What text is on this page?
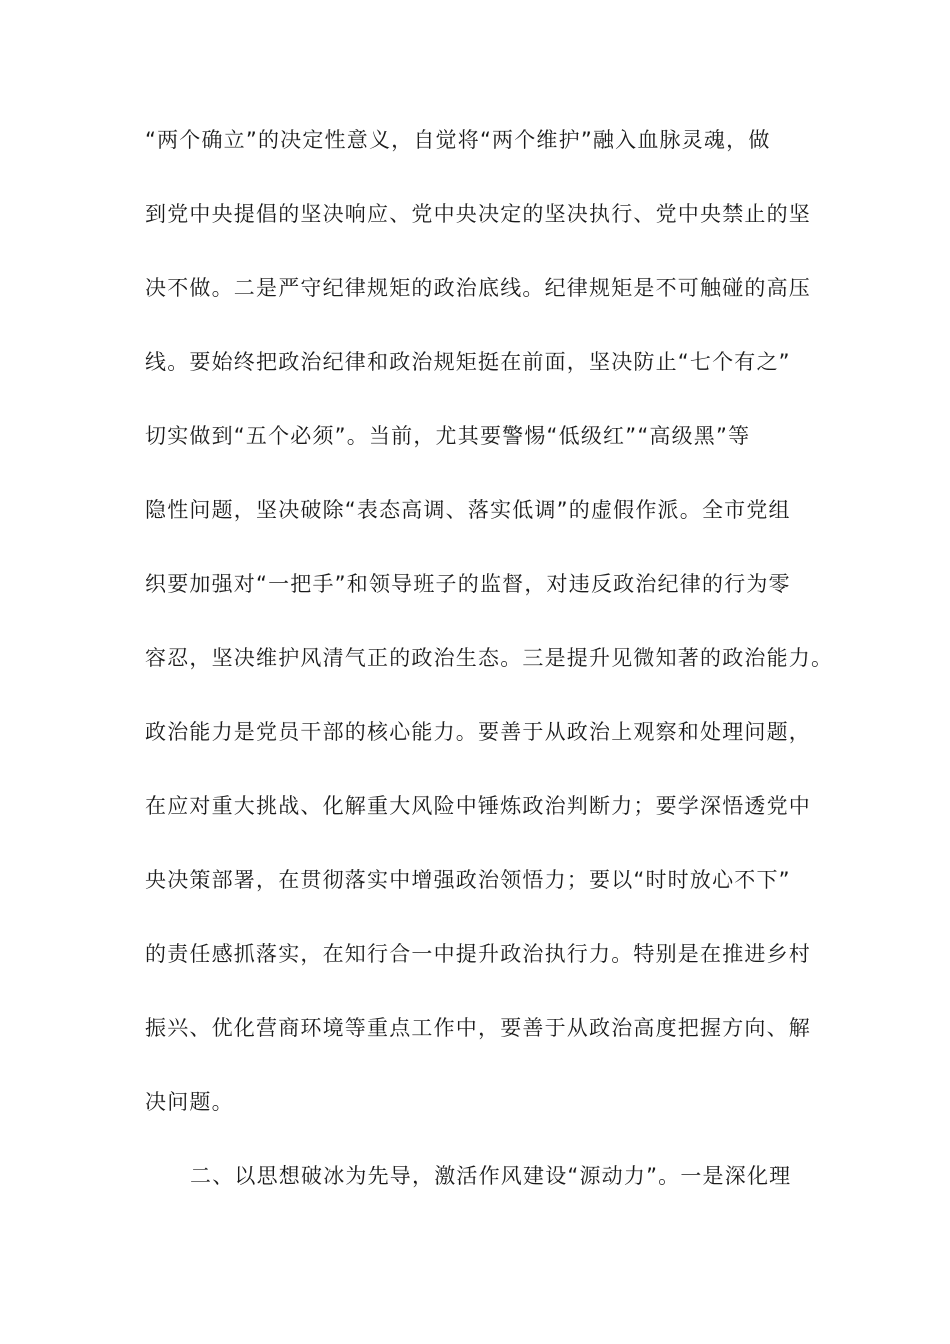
“两个确立”的决定性意义，自觉将“两个维护”融入血脉灵魂，做
到党中央提倡的坚决响应、党中央决定的坚决执行、党中央禁止的坚
决不做。二是严守纪律规矩的政治底线。纪律规矩是不可触碰的高压
线。要始终把政治纪律和政治规矩挺在前面，坚决防止“七个有之”
切实做到“五个必须”。当前，尤其要警惕“低级红”“高级黑”等
隐性问题，坚决破除“表态高调、落实低调”的虚假作派。全市党组
织要加强对“一把手”和领导班子的监督，对违反政治纪律的行为零
容忍，坚决维护风清气正的政治生态。三是提升见微知著的政治能力。
政治能力是党员干部的核心能力。要善于从政治上观察和处理问题，
在应对重大挑战、化解重大风险中锤炼政治判断力；要学深悟透党中
央决策部署，在贯彻落实中增强政治领悟力；要以“时时放心不下”
的责任感抓落实，在知行合一中提升政治执行力。特别是在推进乡村
振兴、优化营商环境等重点工作中，要善于从政治高度把握方向、解
决问题。
二、以思想破冰为先导，激活作风建设“源动力”。一是深化理
